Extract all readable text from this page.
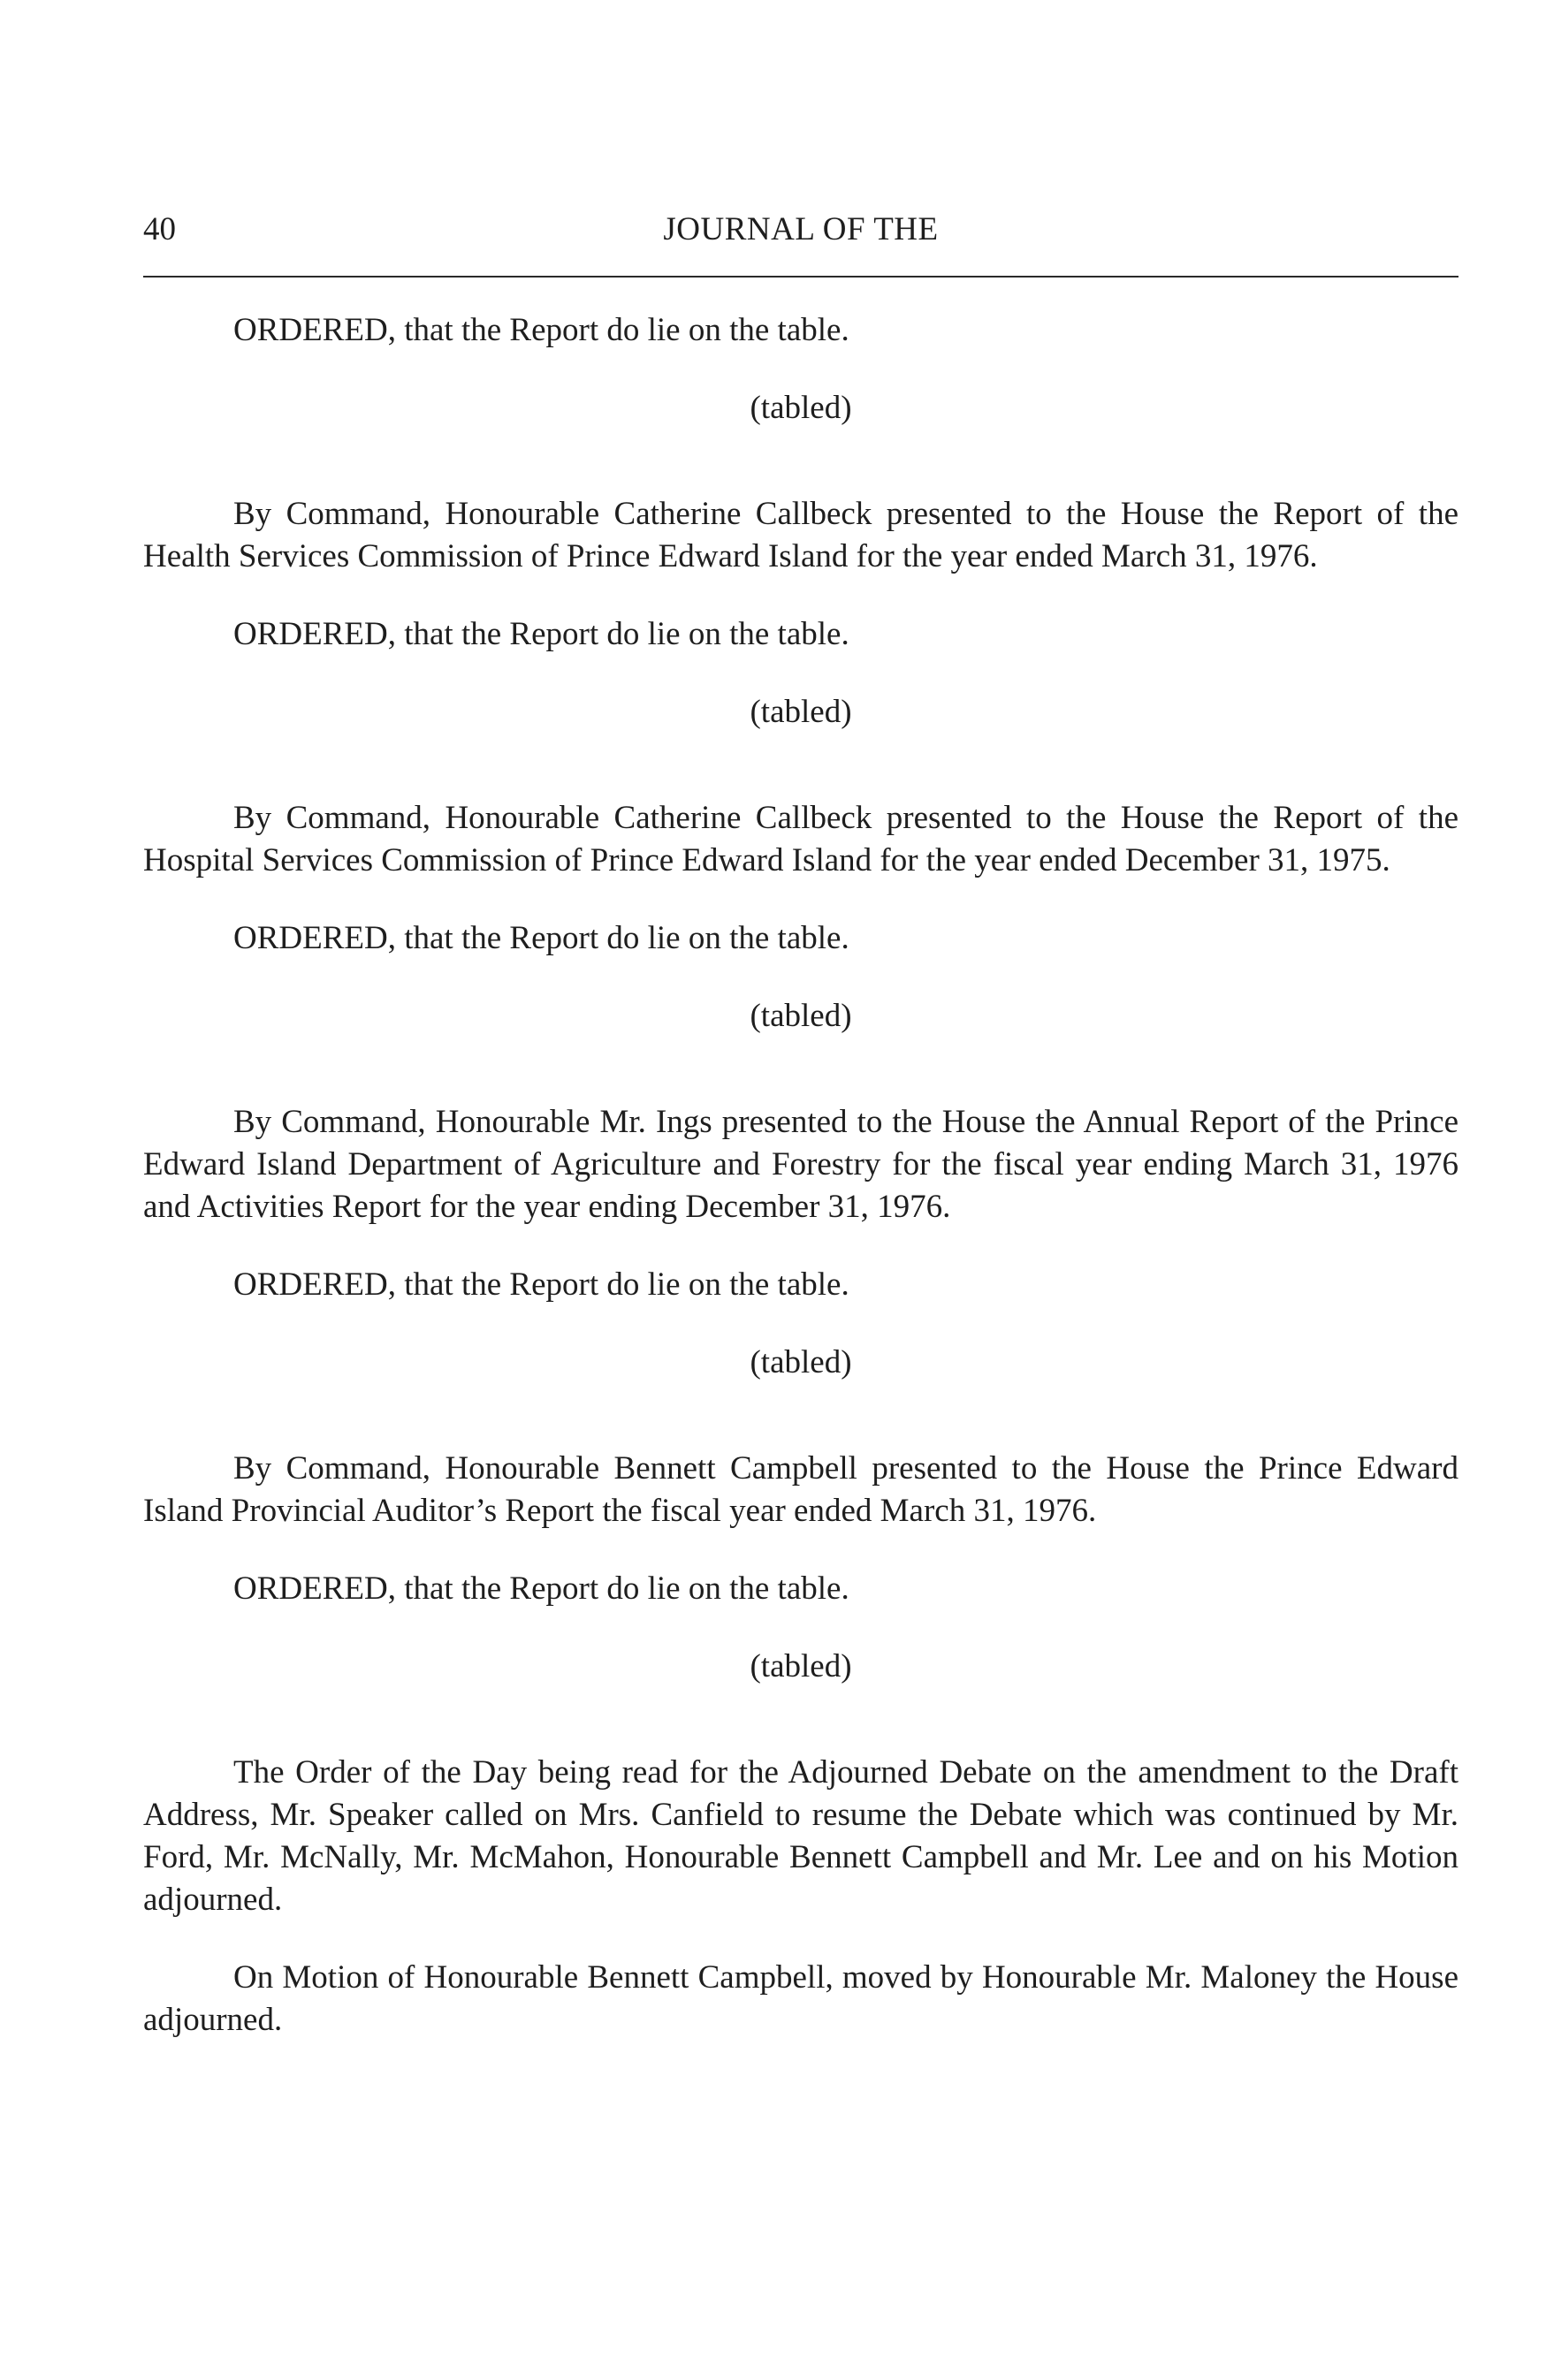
40	JOURNAL OF THE

ORDERED, that the Report do lie on the table.

(tabled)

By Command, Honourable Catherine Callbeck presented to the House the Report of the Health Services Commission of Prince Edward Island for the year ended March 31, 1976.

ORDERED, that the Report do lie on the table.

(tabled)

By Command, Honourable Catherine Callbeck presented to the House the Report of the Hospital Services Commission of Prince Edward Island for the year ended December 31, 1975.

ORDERED, that the Report do lie on the table.

(tabled)

By Command, Honourable Mr. Ings presented to the House the Annual Report of the Prince Edward Island Department of Agriculture and Forestry for the fiscal year ending March 31, 1976 and Activities Report for the year ending December 31, 1976.

ORDERED, that the Report do lie on the table.

(tabled)

By Command, Honourable Bennett Campbell presented to the House the Prince Edward Island Provincial Auditor’s Report the fiscal year ended March 31, 1976.

ORDERED, that the Report do lie on the table.

(tabled)

The Order of the Day being read for the Adjourned Debate on the amendment to the Draft Address, Mr. Speaker called on Mrs. Canfield to resume the Debate which was continued by Mr. Ford, Mr. McNally, Mr. McMahon, Honourable Bennett Campbell and Mr. Lee and on his Motion adjourned.

On Motion of Honourable Bennett Campbell, moved by Honourable Mr. Maloney the House adjourned.
